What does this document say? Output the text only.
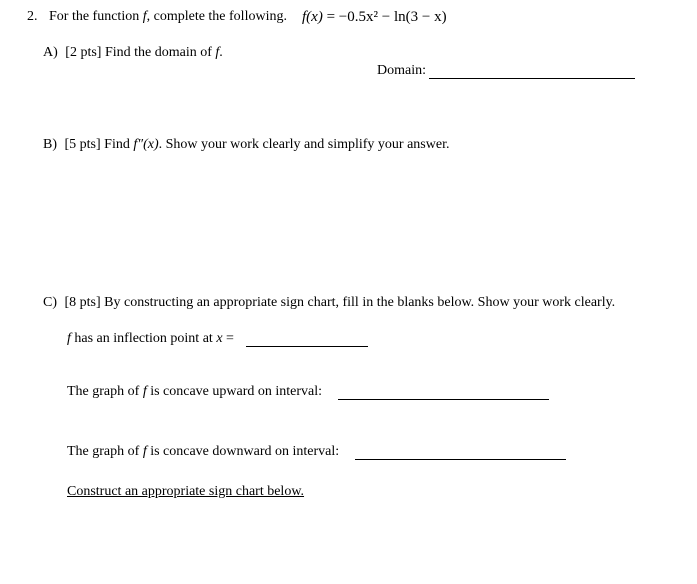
2. For the function f, complete the following. f(x) = −0.5x² − ln(3 − x)
A) [2 pts] Find the domain of f.
Domain:
B) [5 pts] Find f″(x). Show your work clearly and simplify your answer.
C) [8 pts] By constructing an appropriate sign chart, fill in the blanks below. Show your work clearly.
f has an inflection point at x =
The graph of f is concave upward on interval:
The graph of f is concave downward on interval:
Construct an appropriate sign chart below.
